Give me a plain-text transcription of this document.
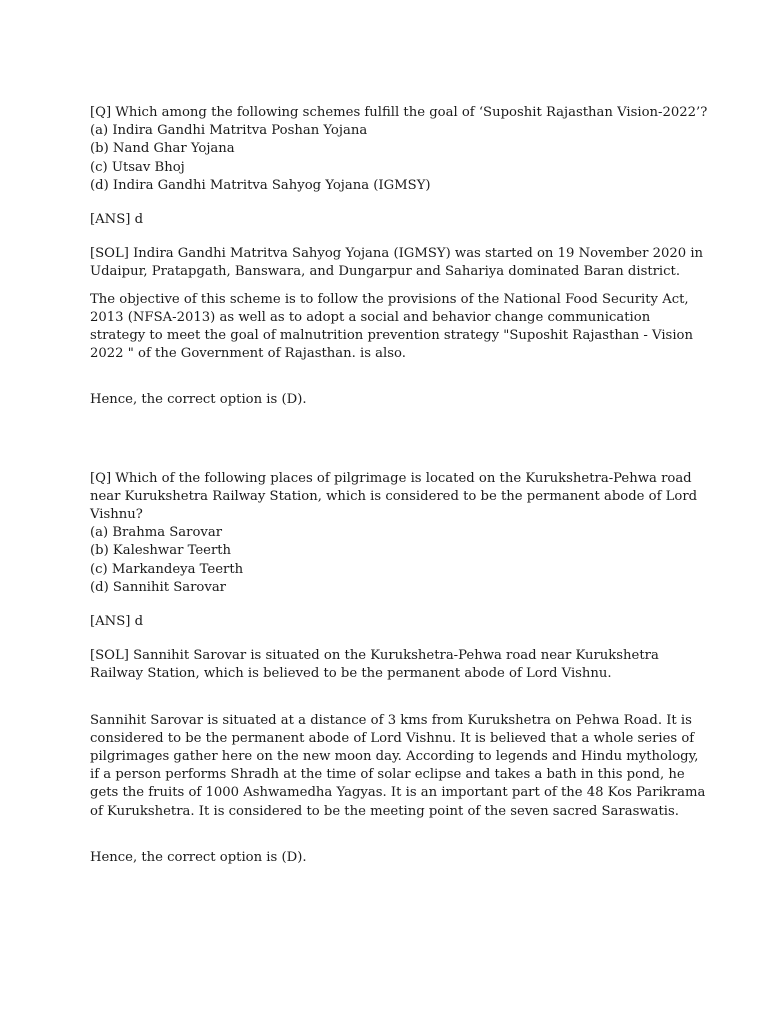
[Q] Which among the following schemes fulfill the goal of ‘Suposhit Rajasthan Vision-2022’?
(a) Indira Gandhi Matritva Poshan Yojana
(b) Nand Ghar Yojana
(c) Utsav Bhoj
(d) Indira Gandhi Matritva Sahyog Yojana (IGMSY)
[ANS] d
[SOL] Indira Gandhi Matritva Sahyog Yojana (IGMSY) was started on 19 November 2020 in
Udaipur, Pratapgath, Banswara, and Dungarpur and Sahariya dominated Baran district.
The objective of this scheme is to follow the provisions of the National Food Security Act,
2013 (NFSA-2013) as well as to adopt a social and behavior change communication
strategy to meet the goal of malnutrition prevention strategy "Suposhit Rajasthan - Vision
2022 " of the Government of Rajasthan. is also.
Hence, the correct option is (D).
[Q] Which of the following places of pilgrimage is located on the Kurukshetra-Pehwa road
near Kurukshetra Railway Station, which is considered to be the permanent abode of Lord
Vishnu?
(a) Brahma Sarovar
(b) Kaleshwar Teerth
(c) Markandeya Teerth
(d) Sannihit Sarovar
[ANS] d
[SOL] Sannihit Sarovar is situated on the Kurukshetra-Pehwa road near Kurukshetra
Railway Station, which is believed to be the permanent abode of Lord Vishnu.
Sannihit Sarovar is situated at a distance of 3 kms from Kurukshetra on Pehwa Road. It is
considered to be the permanent abode of Lord Vishnu. It is believed that a whole series of
pilgrimages gather here on the new moon day. According to legends and Hindu mythology,
if a person performs Shradh at the time of solar eclipse and takes a bath in this pond, he
gets the fruits of 1000 Ashwamedha Yagyas. It is an important part of the 48 Kos Parikrama
of Kurukshetra. It is considered to be the meeting point of the seven sacred Saraswatis.
Hence, the correct option is (D).
